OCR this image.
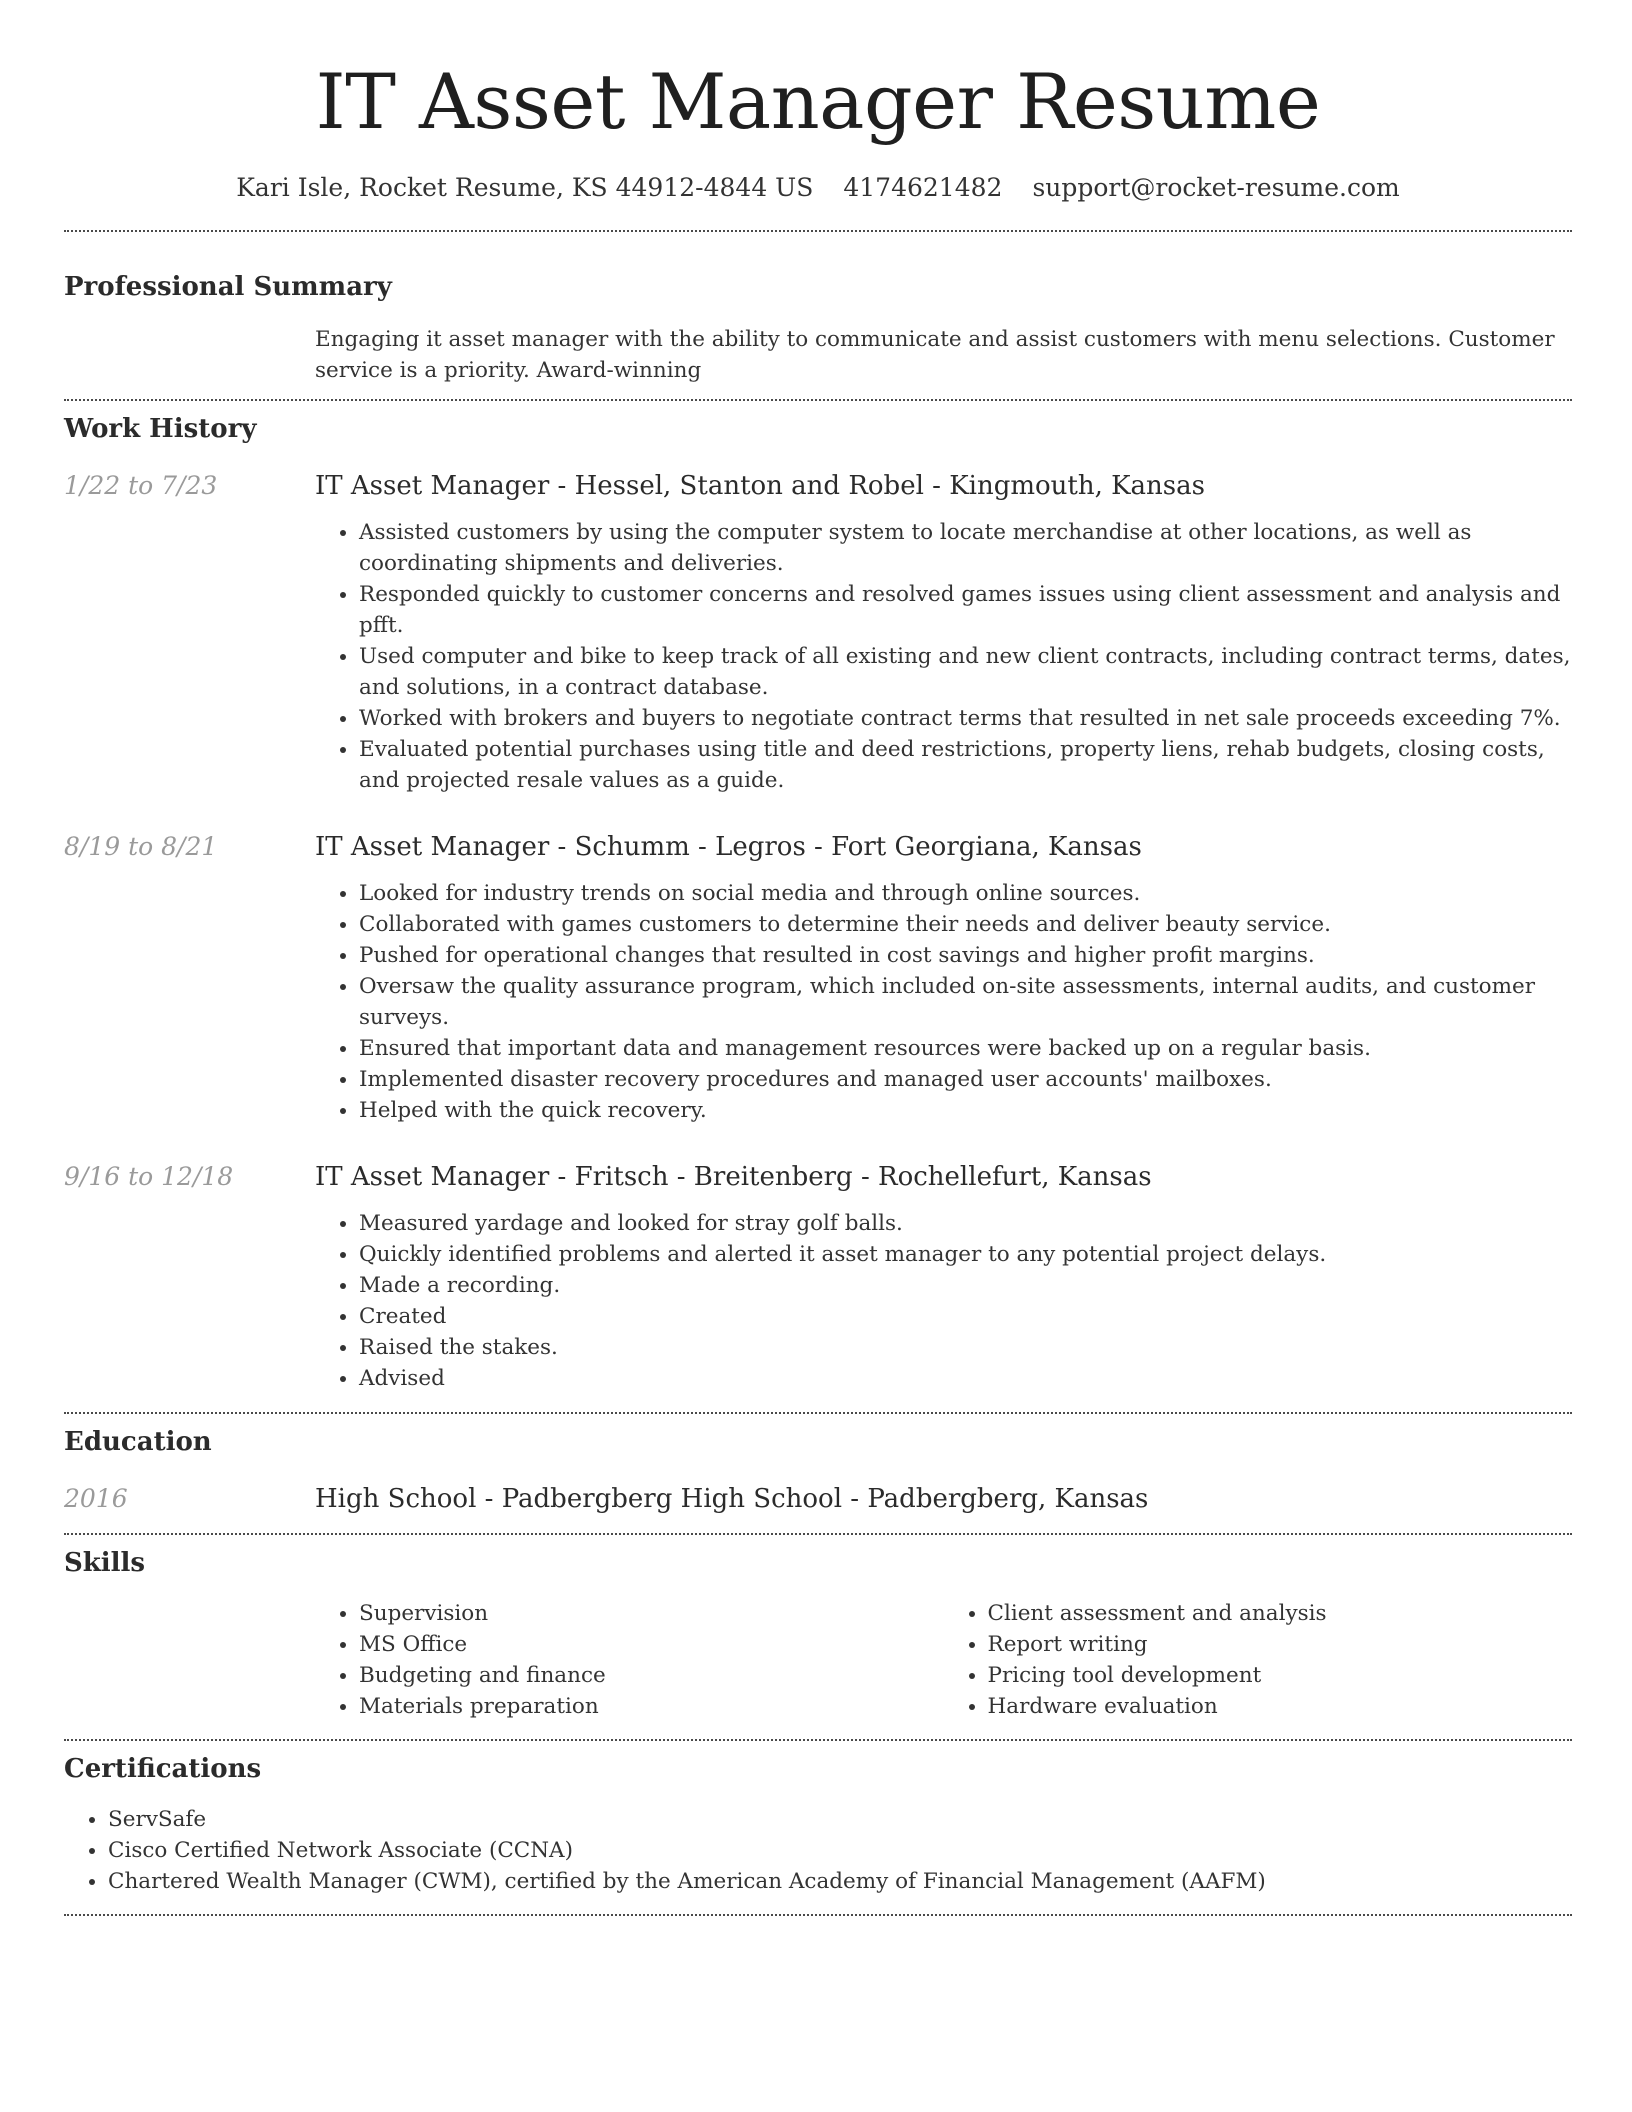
IT Asset Manager Resume
Kari Isle, Rocket Resume, KS 44912-4844 US 4174621482 support@rocket-resume.com
Professional Summary
Engaging it asset manager with the ability to communicate and assist customers with menu selections. Customer service is a priority. Award-winning
Work History
1/22 to 7/23	IT Asset Manager - Hessel, Stanton and Robel - Kingmouth, Kansas
• Assisted customers by using the computer system to locate merchandise at other locations, as well as coordinating shipments and deliveries.
• Responded quickly to customer concerns and resolved games issues using client assessment and analysis and pfft.
• Used computer and bike to keep track of all existing and new client contracts, including contract terms, dates, and solutions, in a contract database.
• Worked with brokers and buyers to negotiate contract terms that resulted in net sale proceeds exceeding 7%.
• Evaluated potential purchases using title and deed restrictions, property liens, rehab budgets, closing costs, and projected resale values as a guide.
8/19 to 8/21	IT Asset Manager - Schumm - Legros - Fort Georgiana, Kansas
• Looked for industry trends on social media and through online sources.
• Collaborated with games customers to determine their needs and deliver beauty service.
• Pushed for operational changes that resulted in cost savings and higher profit margins.
• Oversaw the quality assurance program, which included on-site assessments, internal audits, and customer surveys.
• Ensured that important data and management resources were backed up on a regular basis.
• Implemented disaster recovery procedures and managed user accounts' mailboxes.
• Helped with the quick recovery.
9/16 to 12/18	IT Asset Manager - Fritsch - Breitenberg - Rochellefurt, Kansas
• Measured yardage and looked for stray golf balls.
• Quickly identified problems and alerted it asset manager to any potential project delays.
• Made a recording.
• Created
• Raised the stakes.
• Advised
Education
2016	High School - Padbergberg High School - Padbergberg, Kansas
Skills
• Supervision
• MS Office
• Budgeting and finance
• Materials preparation
• Client assessment and analysis
• Report writing
• Pricing tool development
• Hardware evaluation
Certifications
• ServSafe
• Cisco Certified Network Associate (CCNA)
• Chartered Wealth Manager (CWM), certified by the American Academy of Financial Management (AAFM)
